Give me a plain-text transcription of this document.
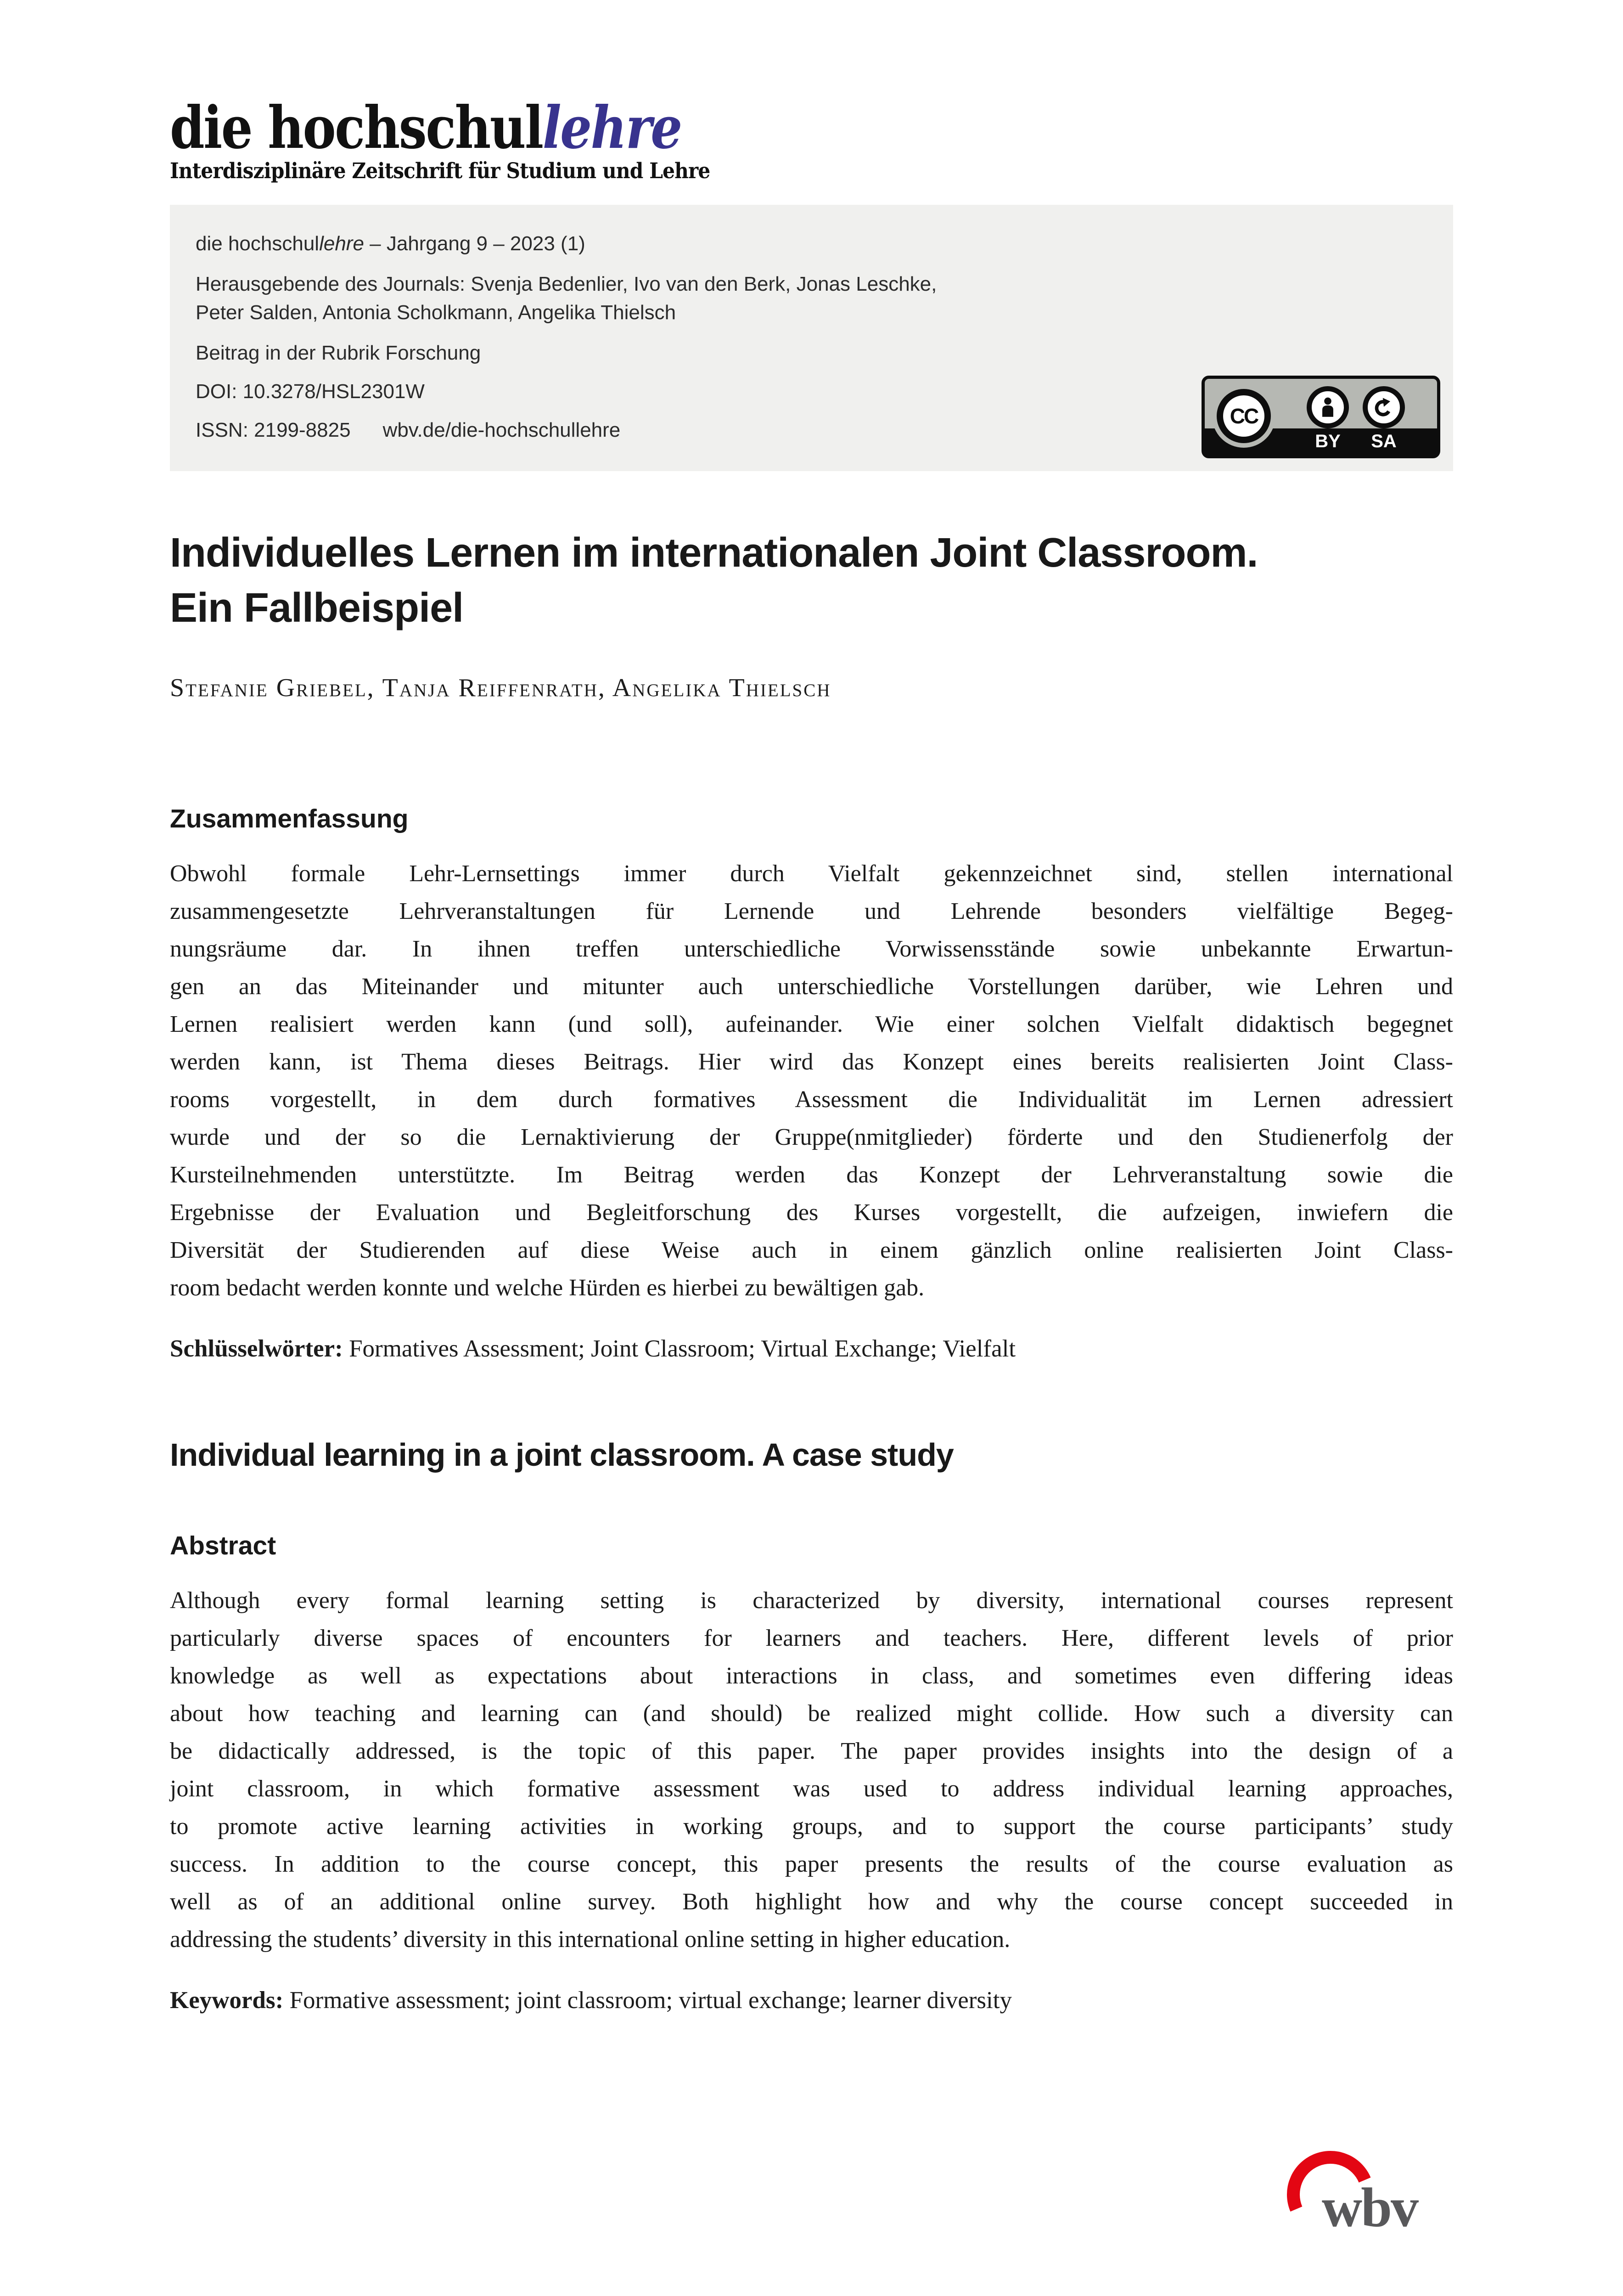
die hochschullehre
Interdisziplinäre Zeitschrift für Studium und Lehre
die hochschullehre – Jahrgang 9 – 2023 (1)
Herausgebende des Journals: Svenja Bedenlier, Ivo van den Berk, Jonas Leschke,
Peter Salden, Antonia Scholkmann, Angelika Thielsch
Beitrag in der Rubrik Forschung
DOI: 10.3278/HSL2301W
ISSN: 2199-8825 wbv.de/die-hochschullehre
CC
BY	SA
Individuelles Lernen im internationalen Joint Classroom.
Ein Fallbeispiel
Stefanie Griebel, Tanja Reiffenrath, Angelika Thielsch
Zusammenfassung
Obwohl formale Lehr-Lernsettings immer durch Vielfalt gekennzeichnet sind, stellen international
zusammengesetzte Lehrveranstaltungen für Lernende und Lehrende besonders vielfältige Begeg-
nungsräume dar. In ihnen treffen unterschiedliche Vorwissensstände sowie unbekannte Erwartun-
gen an das Miteinander und mitunter auch unterschiedliche Vorstellungen darüber, wie Lehren und
Lernen realisiert werden kann (und soll), aufeinander. Wie einer solchen Vielfalt didaktisch begegnet
werden kann, ist Thema dieses Beitrags. Hier wird das Konzept eines bereits realisierten Joint Class-
rooms vorgestellt, in dem durch formatives Assessment die Individualität im Lernen adressiert
wurde und der so die Lernaktivierung der Gruppe(nmitglieder) förderte und den Studienerfolg der
Kursteilnehmenden unterstützte. Im Beitrag werden das Konzept der Lehrveranstaltung sowie die
Ergebnisse der Evaluation und Begleitforschung des Kurses vorgestellt, die aufzeigen, inwiefern die
Diversität der Studierenden auf diese Weise auch in einem gänzlich online realisierten Joint Class-
room bedacht werden konnte und welche Hürden es hierbei zu bewältigen gab.
Schlüsselwörter: Formatives Assessment; Joint Classroom; Virtual Exchange; Vielfalt
Individual learning in a joint classroom. A case study
Abstract
Although every formal learning setting is characterized by diversity, international courses represent
particularly diverse spaces of encounters for learners and teachers. Here, different levels of prior
knowledge as well as expectations about interactions in class, and sometimes even differing ideas
about how teaching and learning can (and should) be realized might collide. How such a diversity can
be didactically addressed, is the topic of this paper. The paper provides insights into the design of a
joint classroom, in which formative assessment was used to address individual learning approaches,
to promote active learning activities in working groups, and to support the course participants’ study
success. In addition to the course concept, this paper presents the results of the course evaluation as
well as of an additional online survey. Both highlight how and why the course concept succeeded in
addressing the students’ diversity in this international online setting in higher education.
Keywords: Formative assessment; joint classroom; virtual exchange; learner diversity
wbv
